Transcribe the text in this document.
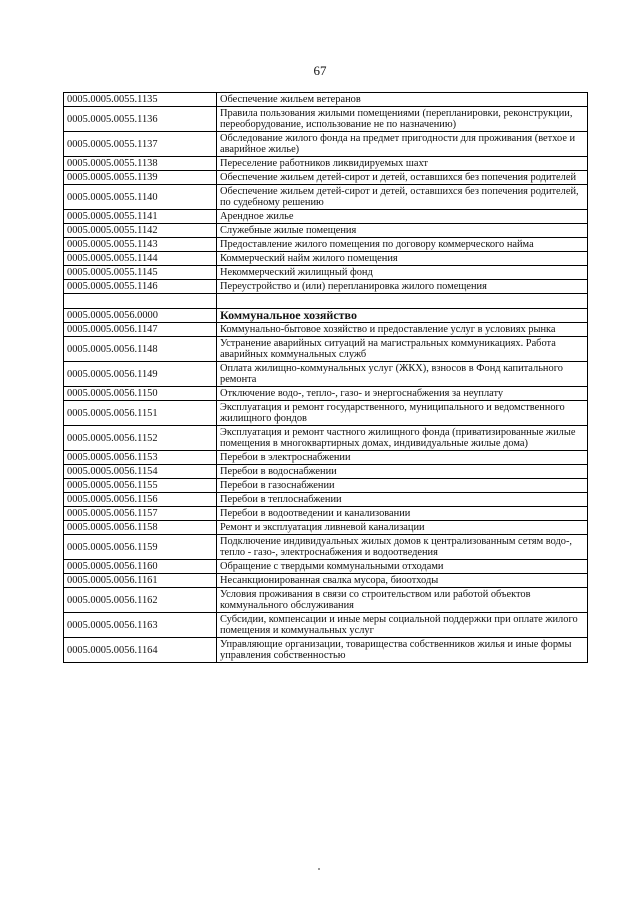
67
0005.0005.0055.1135	Обеспечение жильем ветеранов
0005.0005.0055.1136	Правила пользования жилыми помещениями (перепланировки, реконструкции, переоборудование, использование не по назначению)
0005.0005.0055.1137	Обследование жилого фонда на предмет пригодности для проживания (ветхое и аварийное жилье)
0005.0005.0055.1138	Переселение работников ликвидируемых шахт
0005.0005.0055.1139	Обеспечение жильем детей-сирот и детей, оставшихся без попечения родителей
0005.0005.0055.1140	Обеспечение жильем детей-сирот и детей, оставшихся без попечения родителей, по судебному решению
0005.0005.0055.1141	Арендное жилье
0005.0005.0055.1142	Служебные жилые помещения
0005.0005.0055.1143	Предоставление жилого помещения по договору коммерческого найма
0005.0005.0055.1144	Коммерческий найм жилого помещения
0005.0005.0055.1145	Некоммерческий жилищный фонд
0005.0005.0055.1146	Переустройство и (или) перепланировка жилого помещения

0005.0005.0056.0000	Коммунальное хозяйство
0005.0005.0056.1147	Коммунально-бытовое хозяйство и предоставление услуг в условиях рынка
0005.0005.0056.1148	Устранение аварийных ситуаций на магистральных коммуникациях. Работа аварийных коммунальных служб
0005.0005.0056.1149	Оплата жилищно-коммунальных услуг (ЖКХ), взносов в Фонд капитального ремонта
0005.0005.0056.1150	Отключение водо-, тепло-, газо- и энергоснабжения за неуплату
0005.0005.0056.1151	Эксплуатация и ремонт государственного, муниципального и ведомственного жилищного фондов
0005.0005.0056.1152	Эксплуатация и ремонт частного жилищного фонда (приватизированные жилые помещения в многоквартирных домах, индивидуальные жилые дома)
0005.0005.0056.1153	Перебои в электроснабжении
0005.0005.0056.1154	Перебои в водоснабжении
0005.0005.0056.1155	Перебои в газоснабжении
0005.0005.0056.1156	Перебои в теплоснабжении
0005.0005.0056.1157	Перебои в водоотведении и канализовании
0005.0005.0056.1158	Ремонт и эксплуатация ливневой канализации
0005.0005.0056.1159	Подключение индивидуальных жилых домов к централизованным сетям водо-, тепло - газо-, электроснабжения и водоотведения
0005.0005.0056.1160	Обращение с твердыми коммунальными отходами
0005.0005.0056.1161	Несанкционированная свалка мусора, биоотходы
0005.0005.0056.1162	Условия проживания в связи со строительством или работой объектов коммунального обслуживания
0005.0005.0056.1163	Субсидии, компенсации и иные меры социальной поддержки при оплате жилого помещения и коммунальных услуг
0005.0005.0056.1164	Управляющие организации, товарищества собственников жилья и иные формы управления собственностью
